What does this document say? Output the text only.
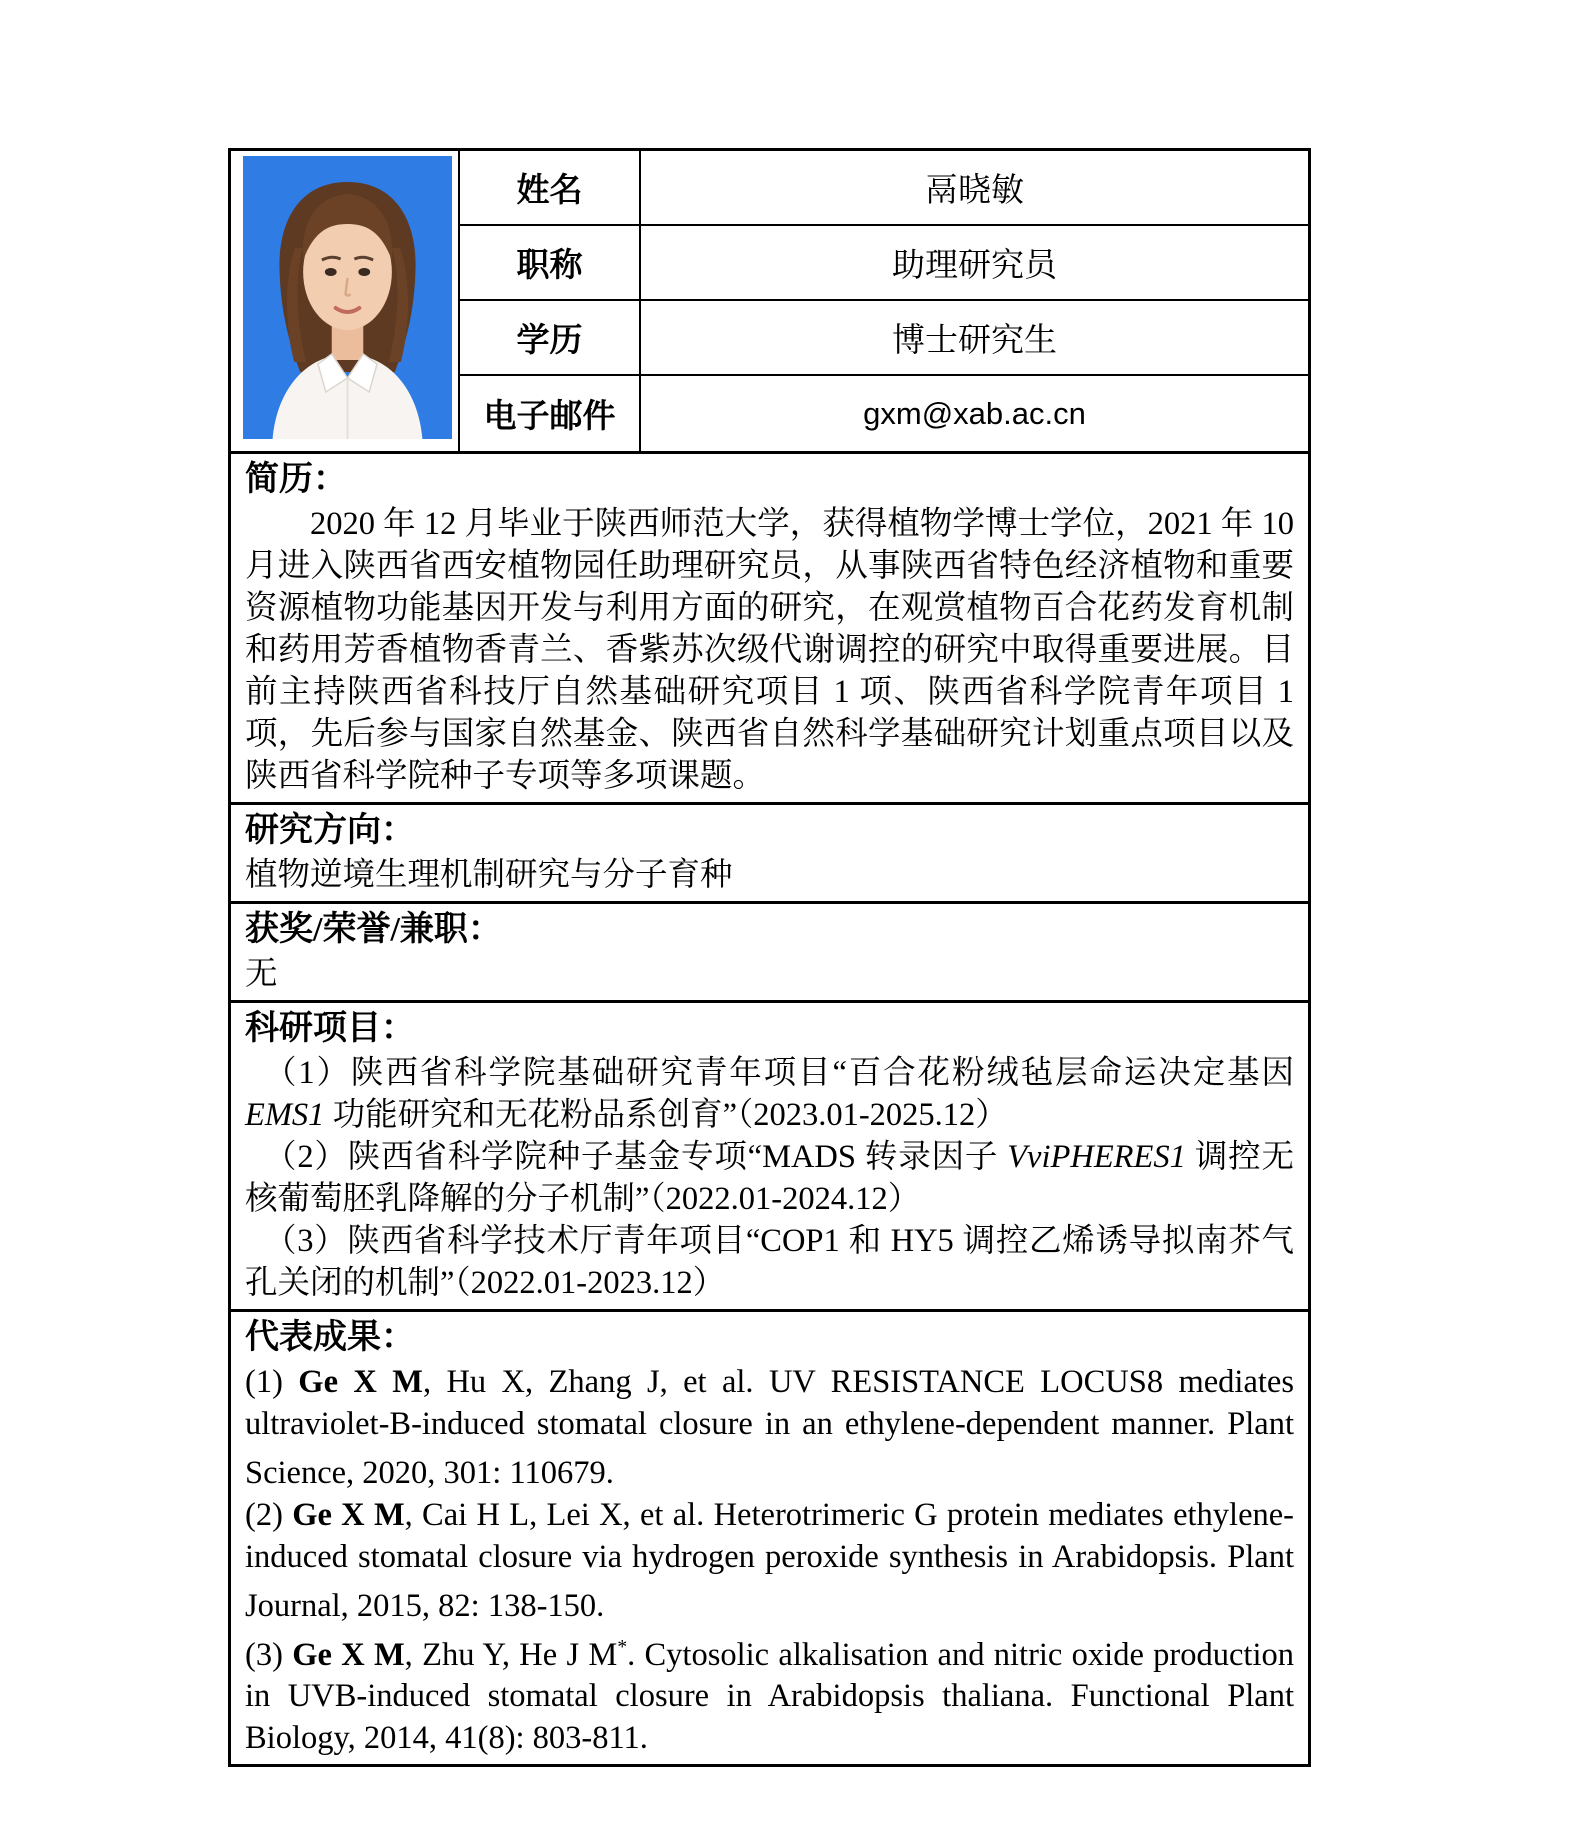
姓名	鬲晓敏
职称	助理研究员
学历	博士研究生
电子邮件	gxm@xab.ac.cn
简历：

2020 年 12 月毕业于陕西师范大学，获得植物学博士学位，2021 年 10 月进入陕西省西安植物园任助理研究员，从事陕西省特色经济植物和重要资源植物功能基因开发与利用方面的研究，在观赏植物百合花药发育机制和药用芳香植物香青兰、香紫苏次级代谢调控的研究中取得重要进展。目前主持陕西省科技厅自然基础研究项目 1 项、陕西省科学院青年项目 1 项，先后参与国家自然基金、陕西省自然科学基础研究计划重点项目以及陕西省科学院种子专项等多项课题。

研究方向：

植物逆境生理机制研究与分子育种

获奖/荣誉/兼职：

无

科研项目：

（1）陕西省科学院基础研究青年项目“百合花粉绒毡层命运决定基因 EMS1 功能研究和无花粉品系创育”（2023.01-2025.12）

（2）陕西省科学院种子基金专项“MADS 转录因子 VviPHERES1 调控无核葡萄胚乳降解的分子机制”（2022.01-2024.12）

（3）陕西省科学技术厅青年项目“COP1 和 HY5 调控乙烯诱导拟南芥气孔关闭的机制”（2022.01-2023.12）

代表成果：

(1) Ge X M, Hu X, Zhang J, et al. UV RESISTANCE LOCUS8 mediates ultraviolet-B-induced stomatal closure in an ethylene-dependent manner. Plant Science, 2020, 301: 110679.

(2) Ge X M, Cai H L, Lei X, et al. Heterotrimeric G protein mediates ethylene-induced stomatal closure via hydrogen peroxide synthesis in Arabidopsis. Plant Journal, 2015, 82: 138-150.

(3) Ge X M, Zhu Y, He J M*. Cytosolic alkalisation and nitric oxide production in UVB-induced stomatal closure in Arabidopsis thaliana. Functional Plant Biology, 2014, 41(8): 803-811.
